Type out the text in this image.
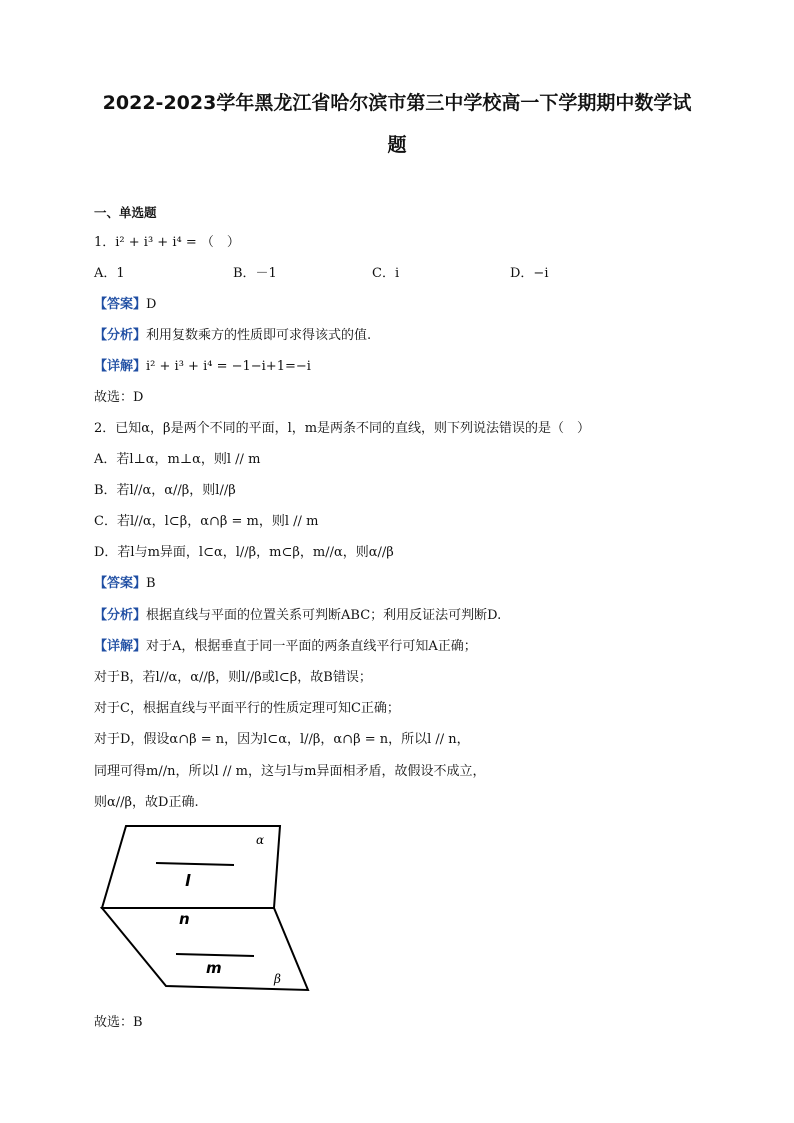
2022-2023学年黑龙江省哈尔滨市第三中学校高一下学期期中数学试
题
一、单选题
1．i² + i³ + i⁴ = （　）
A．1	B．－1	C．i	D．−i
【答案】D
【分析】利用复数乘方的性质即可求得该式的值.
【详解】i² + i³ + i⁴ = −1−i+1=−i
故选：D
2．已知α，β是两个不同的平面，l，m是两条不同的直线，则下列说法错误的是（　）
A．若l⊥α，m⊥α，则l // m
B．若l//α，α//β，则l//β
C．若l//α，l⊂β，α∩β = m，则l // m
D．若l与m异面，l⊂α，l//β，m⊂β，m//α，则α//β
【答案】B
【分析】根据直线与平面的位置关系可判断ABC；利用反证法可判断D.
【详解】对于A，根据垂直于同一平面的两条直线平行可知A正确；
对于B，若l//α，α//β，则l//β或l⊂β，故B错误；
对于C，根据直线与平面平行的性质定理可知C正确；
对于D，假设α∩β = n，因为l⊂α，l//β，α∩β = n，所以l // n，
同理可得m//n，所以l // m，这与l与m异面相矛盾，故假设不成立，
则α//β，故D正确.
α
β
l
n
m
故选：B
